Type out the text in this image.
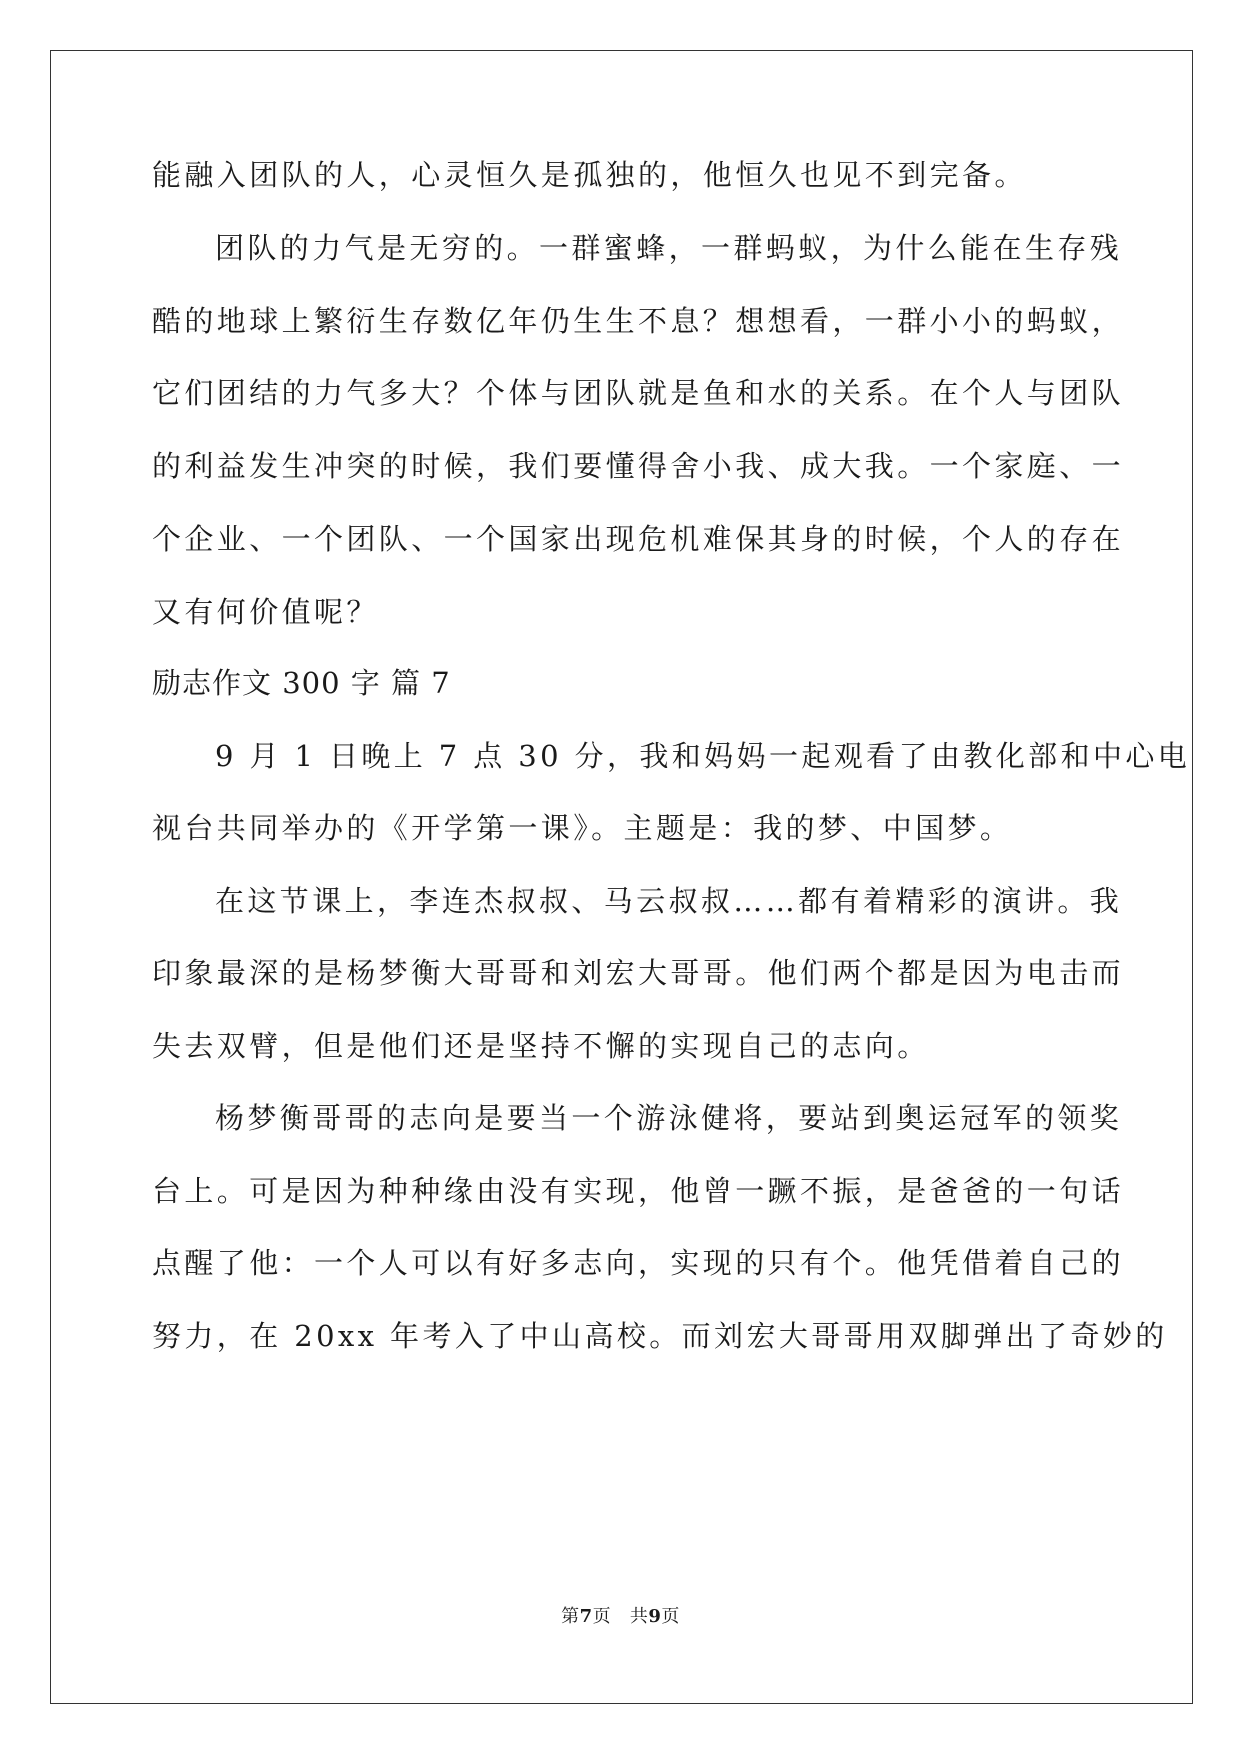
能融入团队的人，心灵恒久是孤独的，他恒久也见不到完备。
团队的力气是无穷的。一群蜜蜂，一群蚂蚁，为什么能在生存残
酷的地球上繁衍生存数亿年仍生生不息？想想看，一群小小的蚂蚁，
它们团结的力气多大？个体与团队就是鱼和水的关系。在个人与团队
的利益发生冲突的时候，我们要懂得舍小我、成大我。一个家庭、一
个企业、一个团队、一个国家出现危机难保其身的时候，个人的存在
又有何价值呢？
励志作文 300 字 篇 7
9 月 1 日晚上 7 点 30 分，我和妈妈一起观看了由教化部和中心电
视台共同举办的《开学第一课》。主题是：我的梦、中国梦。
在这节课上，李连杰叔叔、马云叔叔……都有着精彩的演讲。我
印象最深的是杨梦衡大哥哥和刘宏大哥哥。他们两个都是因为电击而
失去双臂，但是他们还是坚持不懈的实现自己的志向。
杨梦衡哥哥的志向是要当一个游泳健将，要站到奥运冠军的领奖
台上。可是因为种种缘由没有实现，他曾一蹶不振，是爸爸的一句话
点醒了他：一个人可以有好多志向，实现的只有个。他凭借着自己的
努力，在 20xx 年考入了中山高校。而刘宏大哥哥用双脚弹出了奇妙的
第7页   共9页
